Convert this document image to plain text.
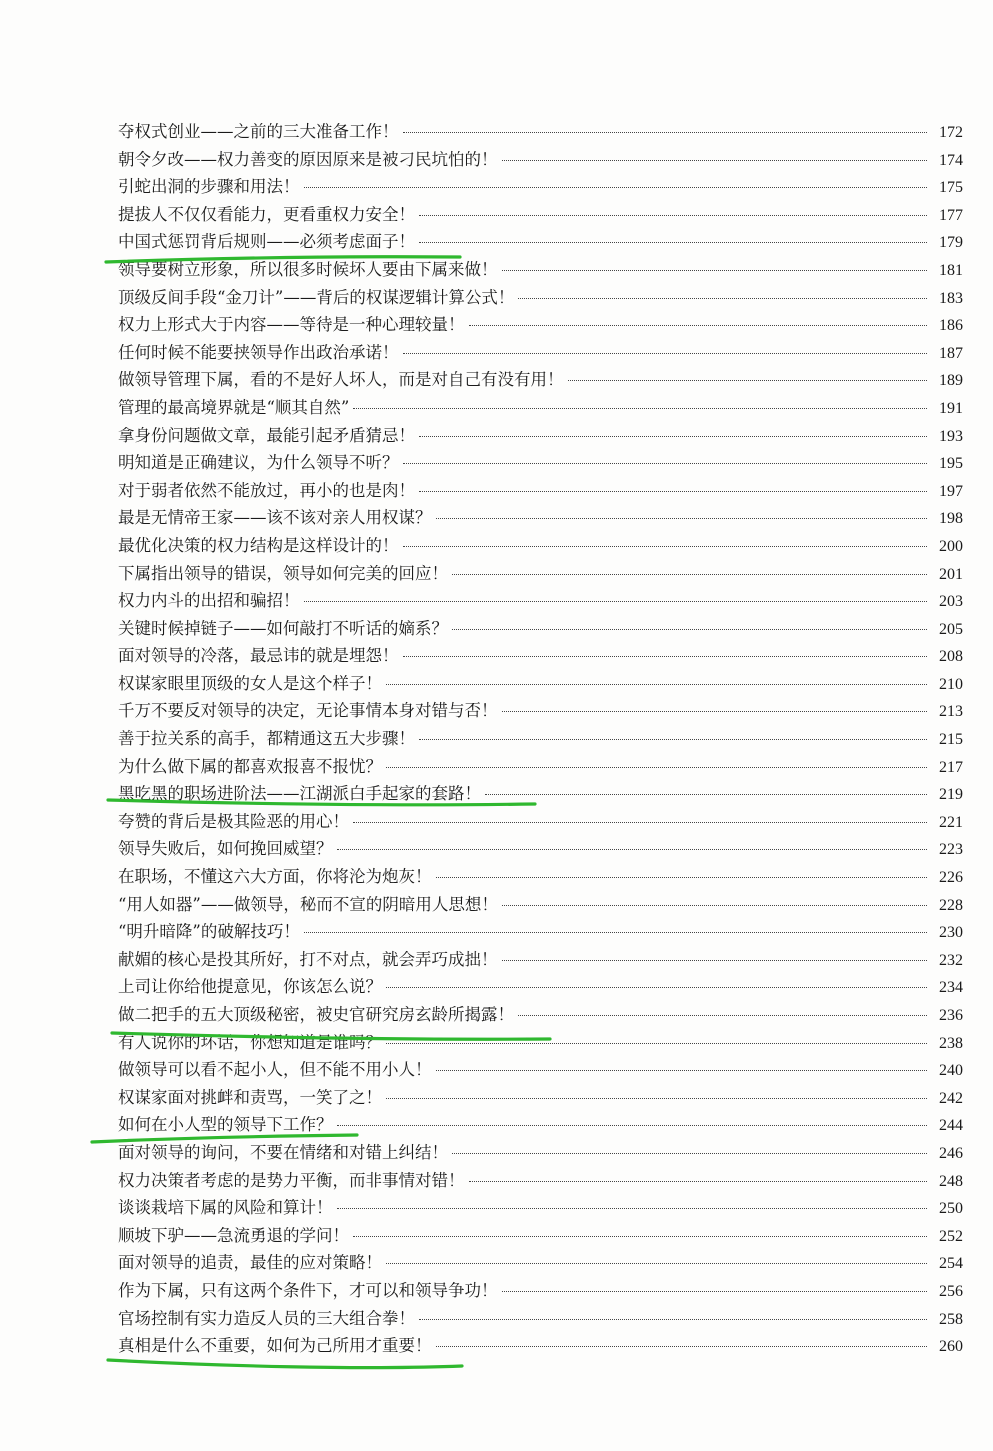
夺权式创业——之前的三大准备工作！	172
朝令夕改——权力善变的原因原来是被刁民坑怕的！	174
引蛇出洞的步骤和用法！	175
提拔人不仅仅看能力，更看重权力安全！	177
中国式惩罚背后规则——必须考虑面子！	179
领导要树立形象，所以很多时候坏人要由下属来做！	181
顶级反间手段“金刀计”——背后的权谋逻辑计算公式！	183
权力上形式大于内容——等待是一种心理较量！	186
任何时候不能要挟领导作出政治承诺！	187
做领导管理下属，看的不是好人坏人，而是对自己有没有用！	189
管理的最高境界就是“顺其自然”	191
拿身份问题做文章，最能引起矛盾猜忌！	193
明知道是正确建议，为什么领导不听？	195
对于弱者依然不能放过，再小的也是肉！	197
最是无情帝王家——该不该对亲人用权谋？	198
最优化决策的权力结构是这样设计的！	200
下属指出领导的错误，领导如何完美的回应！	201
权力内斗的出招和骗招！	203
关键时候掉链子——如何敲打不听话的嫡系？	205
面对领导的冷落，最忌讳的就是埋怨！	208
权谋家眼里顶级的女人是这个样子！	210
千万不要反对领导的决定，无论事情本身对错与否！	213
善于拉关系的高手，都精通这五大步骤！	215
为什么做下属的都喜欢报喜不报忧？	217
黑吃黑的职场进阶法——江湖派白手起家的套路！	219
夸赞的背后是极其险恶的用心！	221
领导失败后，如何挽回威望？	223
在职场，不懂这六大方面，你将沦为炮灰！	226
“用人如器”——做领导，秘而不宣的阴暗用人思想！	228
“明升暗降”的破解技巧！	230
献媚的核心是投其所好，打不对点，就会弄巧成拙！	232
上司让你给他提意见，你该怎么说？	234
做二把手的五大顶级秘密，被史官研究房玄龄所揭露！	236
有人说你的坏话，你想知道是谁吗？	238
做领导可以看不起小人，但不能不用小人！	240
权谋家面对挑衅和责骂，一笑了之！	242
如何在小人型的领导下工作？	244
面对领导的询问，不要在情绪和对错上纠结！	246
权力决策者考虑的是势力平衡，而非事情对错！	248
谈谈栽培下属的风险和算计！	250
顺坡下驴——急流勇退的学问！	252
面对领导的追责，最佳的应对策略！	254
作为下属，只有这两个条件下，才可以和领导争功！	256
官场控制有实力造反人员的三大组合拳！	258
真相是什么不重要，如何为己所用才重要！	260
